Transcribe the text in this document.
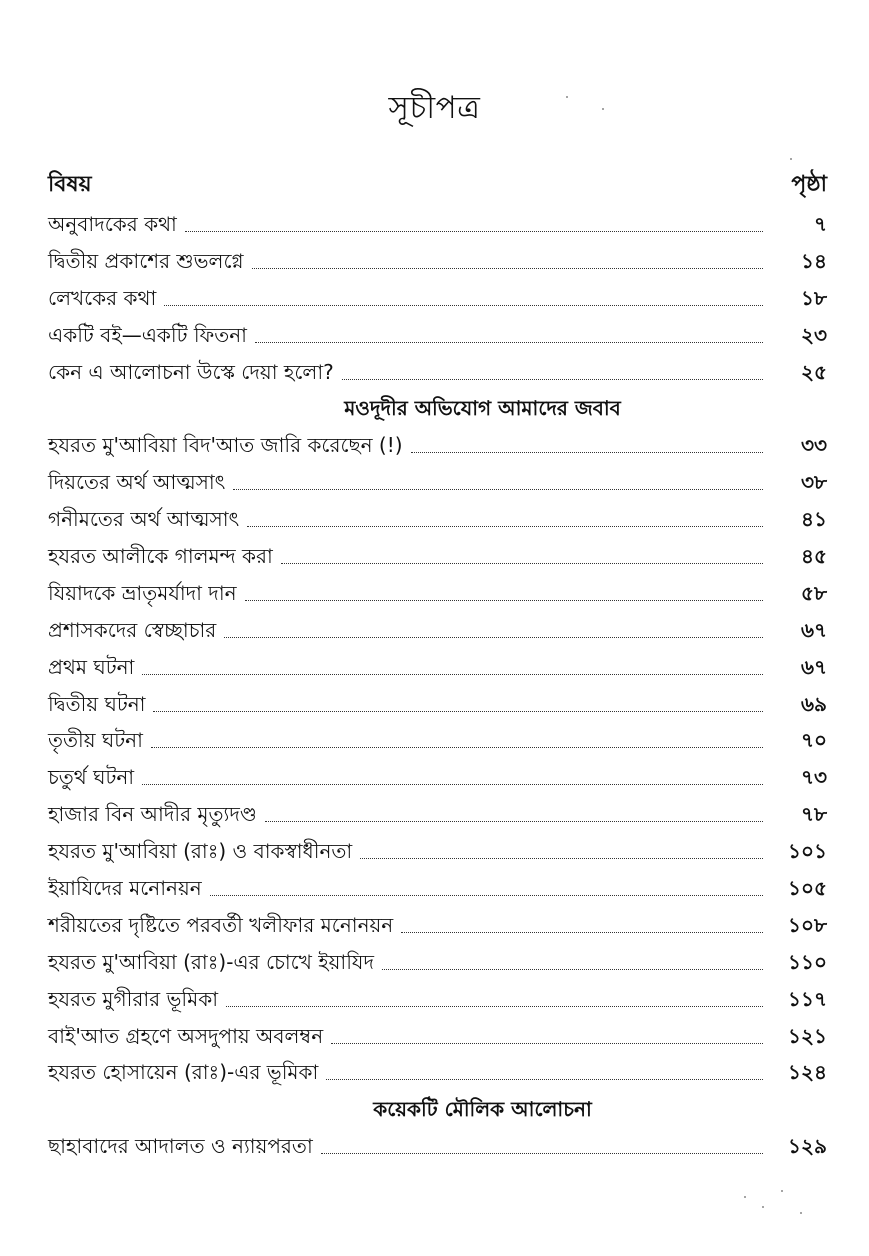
সূচীপত্র
বিষয়	পৃষ্ঠা
অনুবাদকের কথা	৭
দ্বিতীয় প্রকাশের শুভলগ্নে	১৪
লেখকের কথা	১৮
একটি বই—একটি ফিতনা	২৩
কেন এ আলোচনা উস্কে দেয়া হলো?	২৫
মওদূদীর অভিযোগ আমাদের জবাব
হযরত মু'আবিয়া বিদ'আত জারি করেছেন (!)	৩৩
দিয়তের অর্থ আত্মসাৎ	৩৮
গনীমতের অর্থ আত্মসাৎ	৪১
হযরত আলীকে গালমন্দ করা	৪৫
যিয়াদকে ভ্রাতৃমর্যাদা দান	৫৮
প্রশাসকদের স্বেচ্ছাচার	৬৭
প্রথম ঘটনা	৬৭
দ্বিতীয় ঘটনা	৬৯
তৃতীয় ঘটনা	৭০
চতুর্থ ঘটনা	৭৩
হাজার বিন আদীর মৃত্যুদণ্ড	৭৮
হযরত মু'আবিয়া (রাঃ) ও বাকস্বাধীনতা	১০১
ইয়াযিদের মনোনয়ন	১০৫
শরীয়তের দৃষ্টিতে পরবর্তী খলীফার মনোনয়ন	১০৮
হযরত মু'আবিয়া (রাঃ)-এর চোখে ইয়াযিদ	১১০
হযরত মুগীরার ভূমিকা	১১৭
বাই'আত গ্রহণে অসদুপায় অবলম্বন	১২১
হযরত হোসায়েন (রাঃ)-এর ভূমিকা	১২৪
কয়েকটি মৌলিক আলোচনা
ছাহাবাদের আদালত ও ন্যায়পরতা	১২৯
